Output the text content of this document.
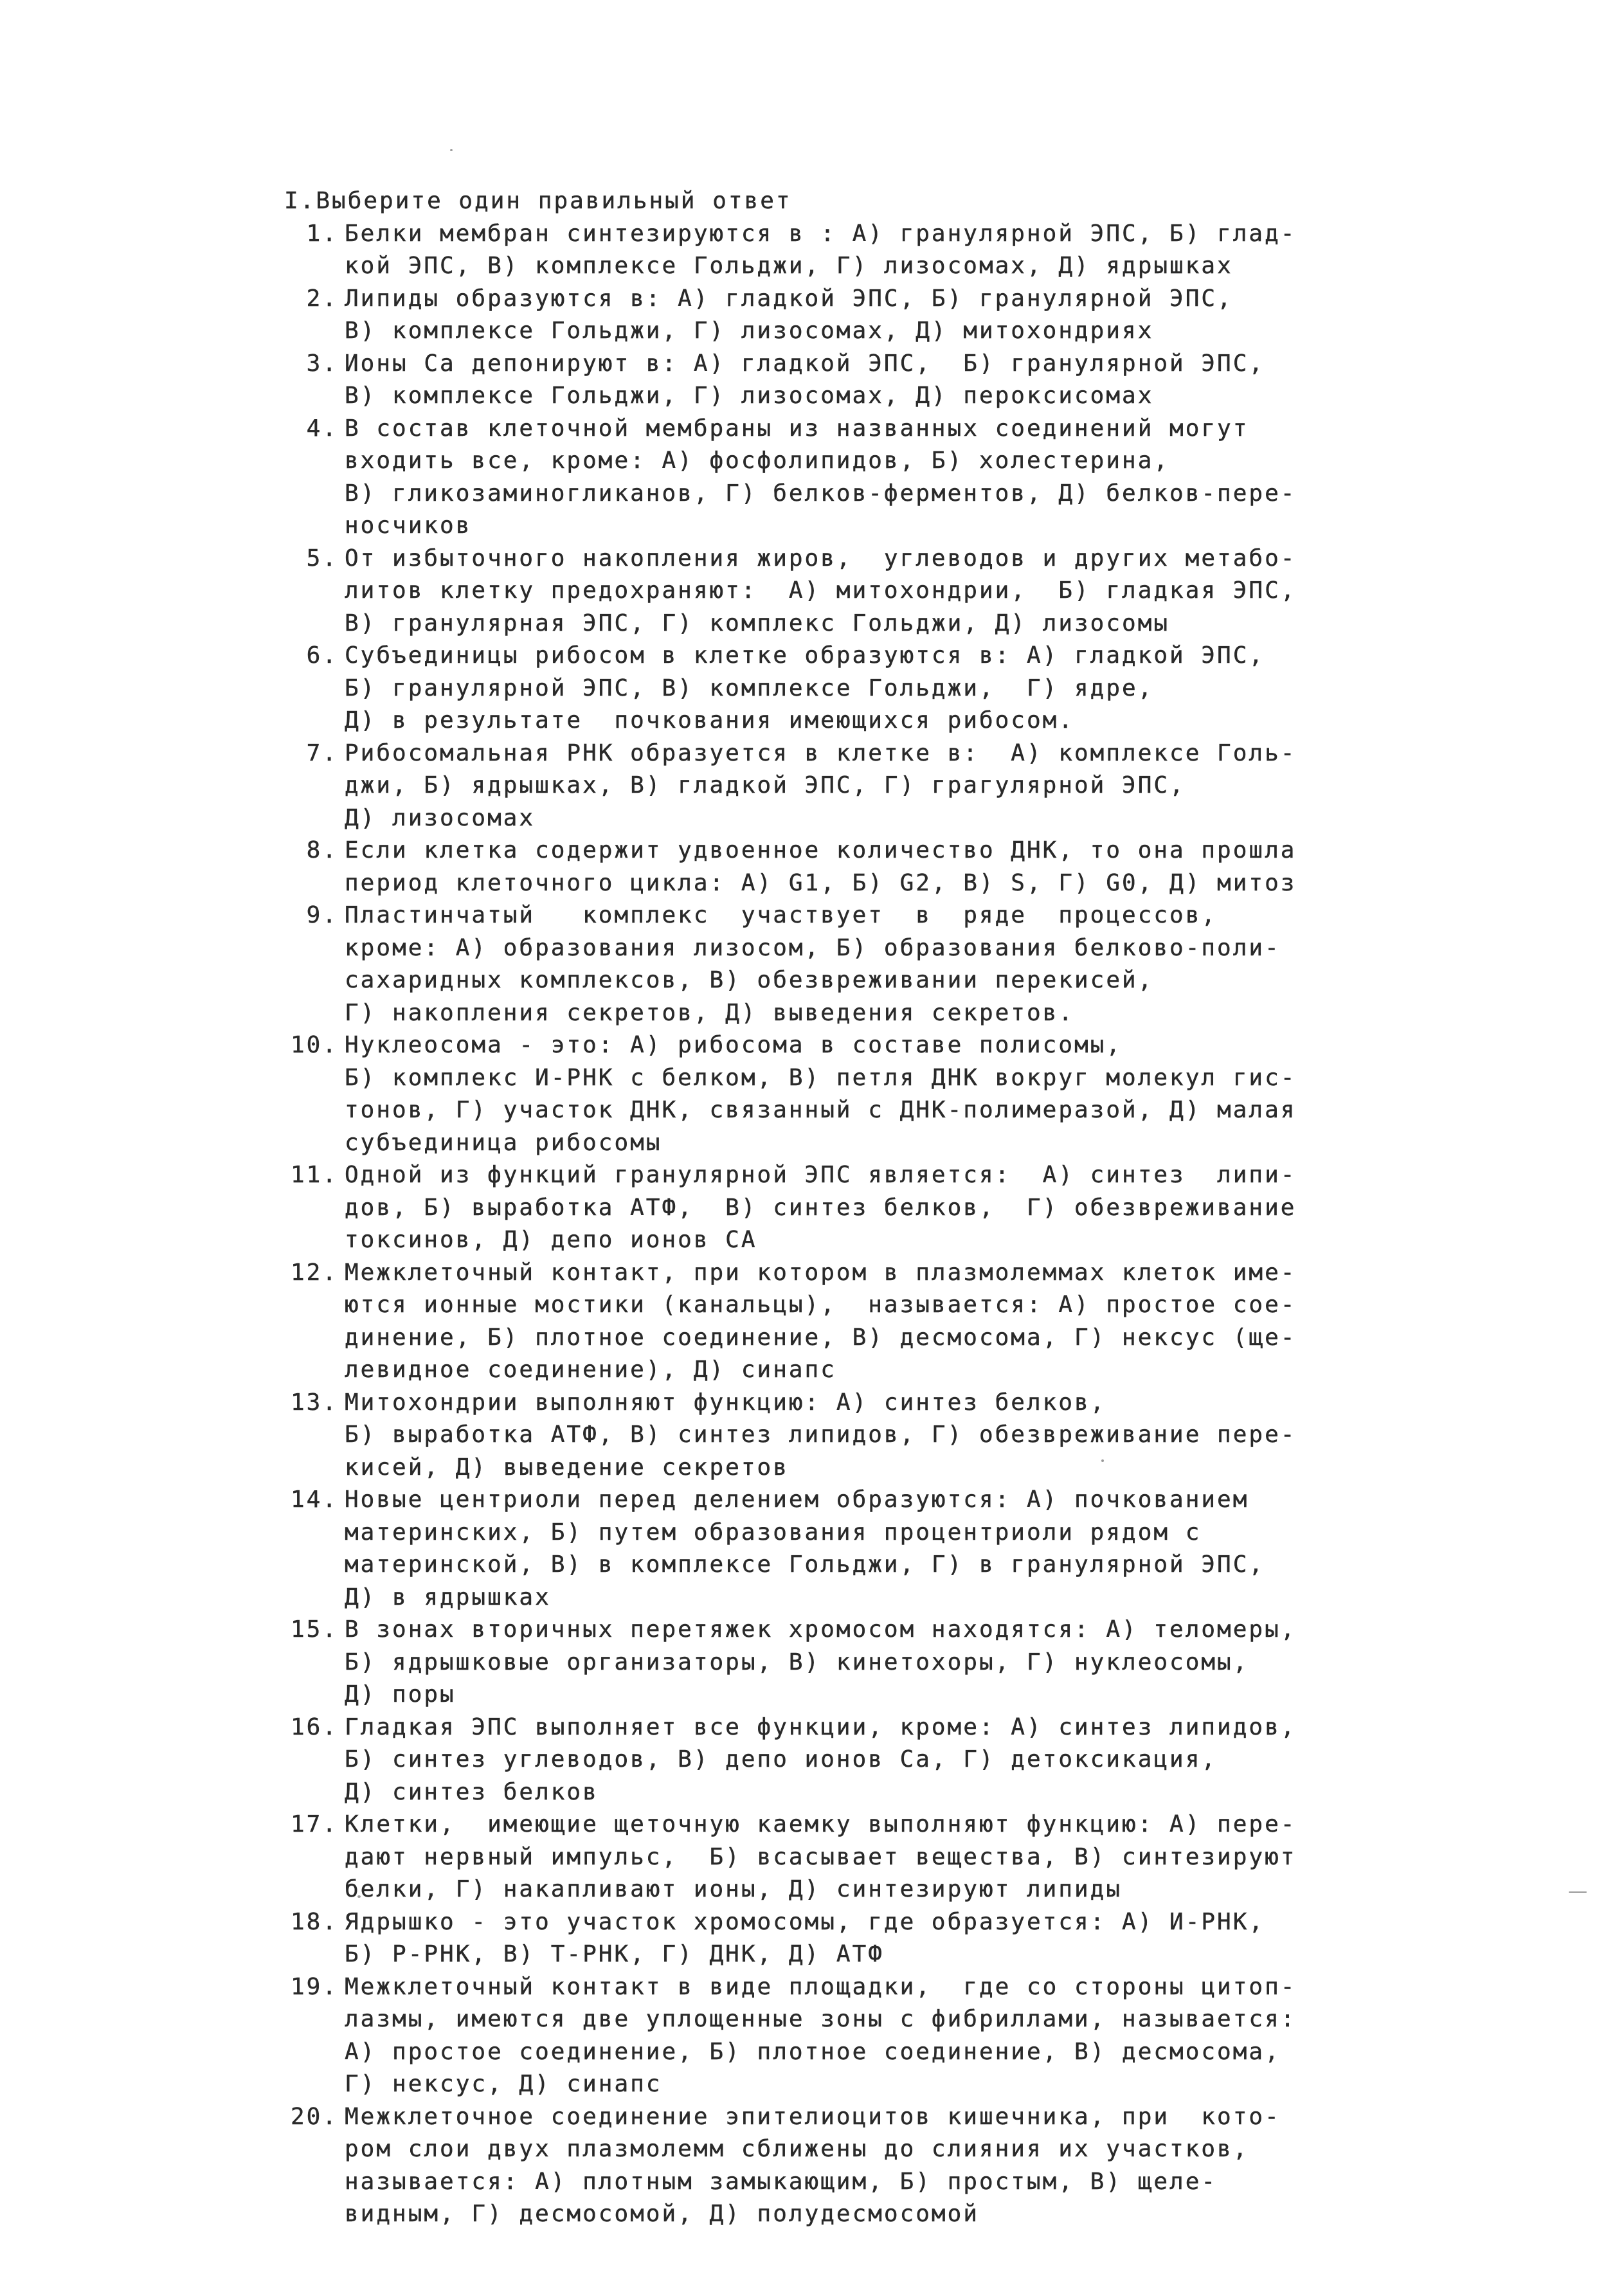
I.Выберите один правильный ответ
1. Белки мембран синтезируются в : А) гранулярной ЭПС, Б) глад-
кой ЭПС, В) комплексе Гольджи, Г) лизосомах, Д) ядрышках
2. Липиды образуются в: А) гладкой ЭПС, Б) гранулярной ЭПС,
В) комплексе Гольджи, Г) лизосомах, Д) митохондриях
3. Ионы Са депонируют в: А) гладкой ЭПС,  Б) гранулярной ЭПС,
В) комплексе Гольджи, Г) лизосомах, Д) пероксисомах
4. В состав клеточной мембраны из названных соединений могут
входить все, кроме: А) фосфолипидов, Б) холестерина,
В) гликозаминогликанов, Г) белков-ферментов, Д) белков-пере-
носчиков
5. От избыточного накопления жиров,  углеводов и других метабо-
литов клетку предохраняют:  А) митохондрии,  Б) гладкая ЭПС,
В) гранулярная ЭПС, Г) комплекс Гольджи, Д) лизосомы
6. Субъединицы рибосом в клетке образуются в: А) гладкой ЭПС,
Б) гранулярной ЭПС, В) комплексе Гольджи,  Г) ядре,
Д) в результате  почкования имеющихся рибосом.
7. Рибосомальная РНК образуется в клетке в:  А) комплексе Голь-
джи, Б) ядрышках, В) гладкой ЭПС, Г) грагулярной ЭПС,
Д) лизосомах
8. Если клетка содержит удвоенное количество ДНК, то она прошла
период клеточного цикла: А) G1, Б) G2, В) S, Г) G0, Д) митоз
9. Пластинчатый   комплекс  участвует  в  ряде  процессов,
кроме: А) образования лизосом, Б) образования белково-поли-
сахаридных комплексов, В) обезвреживании перекисей,
Г) накопления секретов, Д) выведения секретов.
10. Нуклеосома - это: А) рибосома в составе полисомы,
Б) комплекс И-РНК с белком, В) петля ДНК вокруг молекул гис-
тонов, Г) участок ДНК, связанный с ДНК-полимеразой, Д) малая
субъединица рибосомы
11. Одной из функций гранулярной ЭПС является:  А) синтез  липи-
дов, Б) выработка АТФ,  В) синтез белков,  Г) обезвреживание
токсинов, Д) депо ионов СА
12. Межклеточный контакт, при котором в плазмолеммах клеток име-
ются ионные мостики (канальцы),  называется: А) простое сое-
динение, Б) плотное соединение, В) десмосома, Г) нексус (ще-
левидное соединение), Д) синапс
13. Митохондрии выполняют функцию: А) синтез белков,
Б) выработка АТФ, В) синтез липидов, Г) обезвреживание пере-
кисей, Д) выведение секретов
14. Новые центриоли перед делением образуются: А) почкованием
материнских, Б) путем образования процентриоли рядом с
материнской, В) в комплексе Гольджи, Г) в гранулярной ЭПС,
Д) в ядрышках
15. В зонах вторичных перетяжек хромосом находятся: А) теломеры,
Б) ядрышковые организаторы, В) кинетохоры, Г) нуклеосомы,
Д) поры
16. Гладкая ЭПС выполняет все функции, кроме: А) синтез липидов,
Б) синтез углеводов, В) депо ионов Са, Г) детоксикация,
Д) синтез белков
17. Клетки,  имеющие щеточную каемку выполняют функцию: А) пере-
дают нервный импульс,  Б) всасывает вещества, В) синтезируют
белки, Г) накапливают ионы, Д) синтезируют липиды
18. Ядрышко - это участок хромосомы, где образуется: А) И-РНК,
Б) Р-РНК, В) Т-РНК, Г) ДНК, Д) АТФ
19. Межклеточный контакт в виде площадки,  где со стороны цитоп-
лазмы, имеются две уплощенные зоны с фибриллами, называется:
А) простое соединение, Б) плотное соединение, В) десмосома,
Г) нексус, Д) синапс
20. Межклеточное соединение эпителиоцитов кишечника, при  кото-
ром слои двух плазмолемм сближены до слияния их участков,
называется: А) плотным замыкающим, Б) простым, В) щеле-
видным, Г) десмосомой, Д) полудесмосомой
